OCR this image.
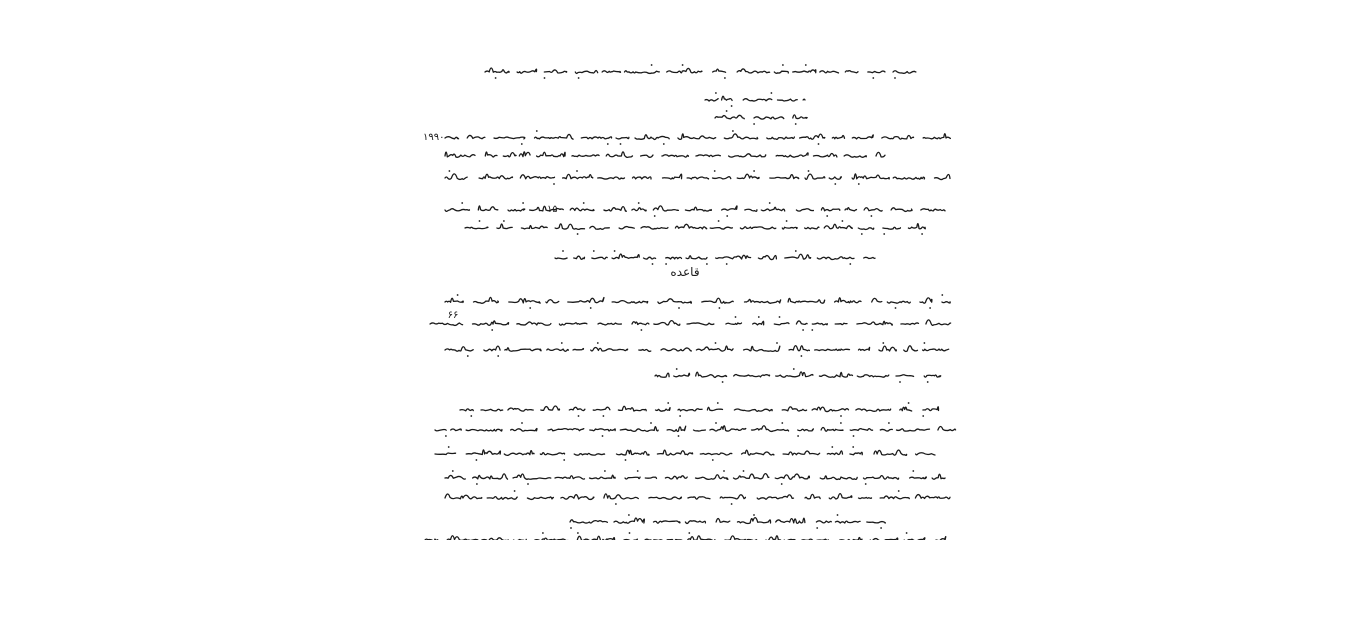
قاعده
۱۹۹۰
۱۵۰
۶۶
